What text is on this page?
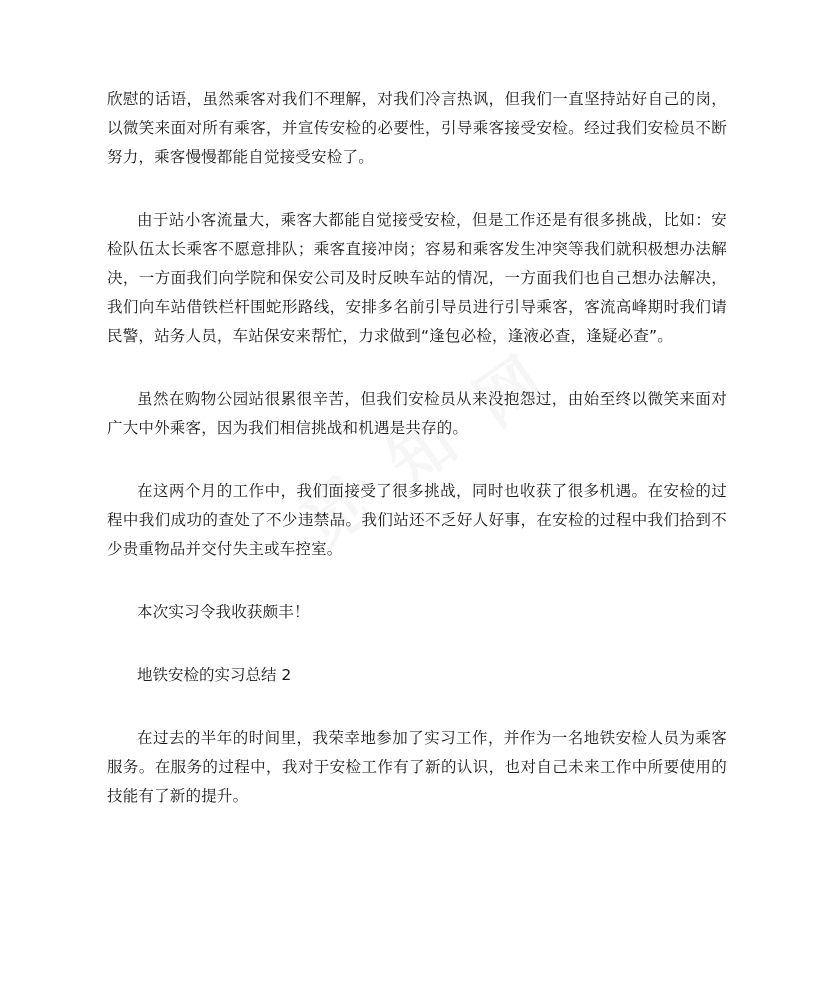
欣慰的话语，虽然乘客对我们不理解，对我们冷言热讽，但我们一直坚持站好自己的岗，以微笑来面对所有乘客，并宣传安检的必要性，引导乘客接受安检。经过我们安检员不断努力，乘客慢慢都能自觉接受安检了。

由于站小客流量大，乘客大都能自觉接受安检，但是工作还是有很多挑战，比如：安检队伍太长乘客不愿意排队；乘客直接冲岗；容易和乘客发生冲突等我们就积极想办法解决，一方面我们向学院和保安公司及时反映车站的情况，一方面我们也自己想办法解决，我们向车站借铁栏杆围蛇形路线，安排多名前引导员进行引导乘客，客流高峰期时我们请民警，站务人员，车站保安来帮忙，力求做到“逢包必检，逢液必查，逢疑必查”。

虽然在购物公园站很累很辛苦，但我们安检员从来没抱怨过，由始至终以微笑来面对广大中外乘客，因为我们相信挑战和机遇是共存的。

在这两个月的工作中，我们面接受了很多挑战，同时也收获了很多机遇。在安检的过程中我们成功的查处了不少违禁品。我们站还不乏好人好事，在安检的过程中我们拾到不少贵重物品并交付失主或车控室。

本次实习令我收获颇丰！

地铁安检的实习总结 2

在过去的半年的时间里，我荣幸地参加了实习工作，并作为一名地铁安检人员为乘客服务。在服务的过程中，我对于安检工作有了新的认识，也对自己未来工作中所要使用的技能有了新的提升。
